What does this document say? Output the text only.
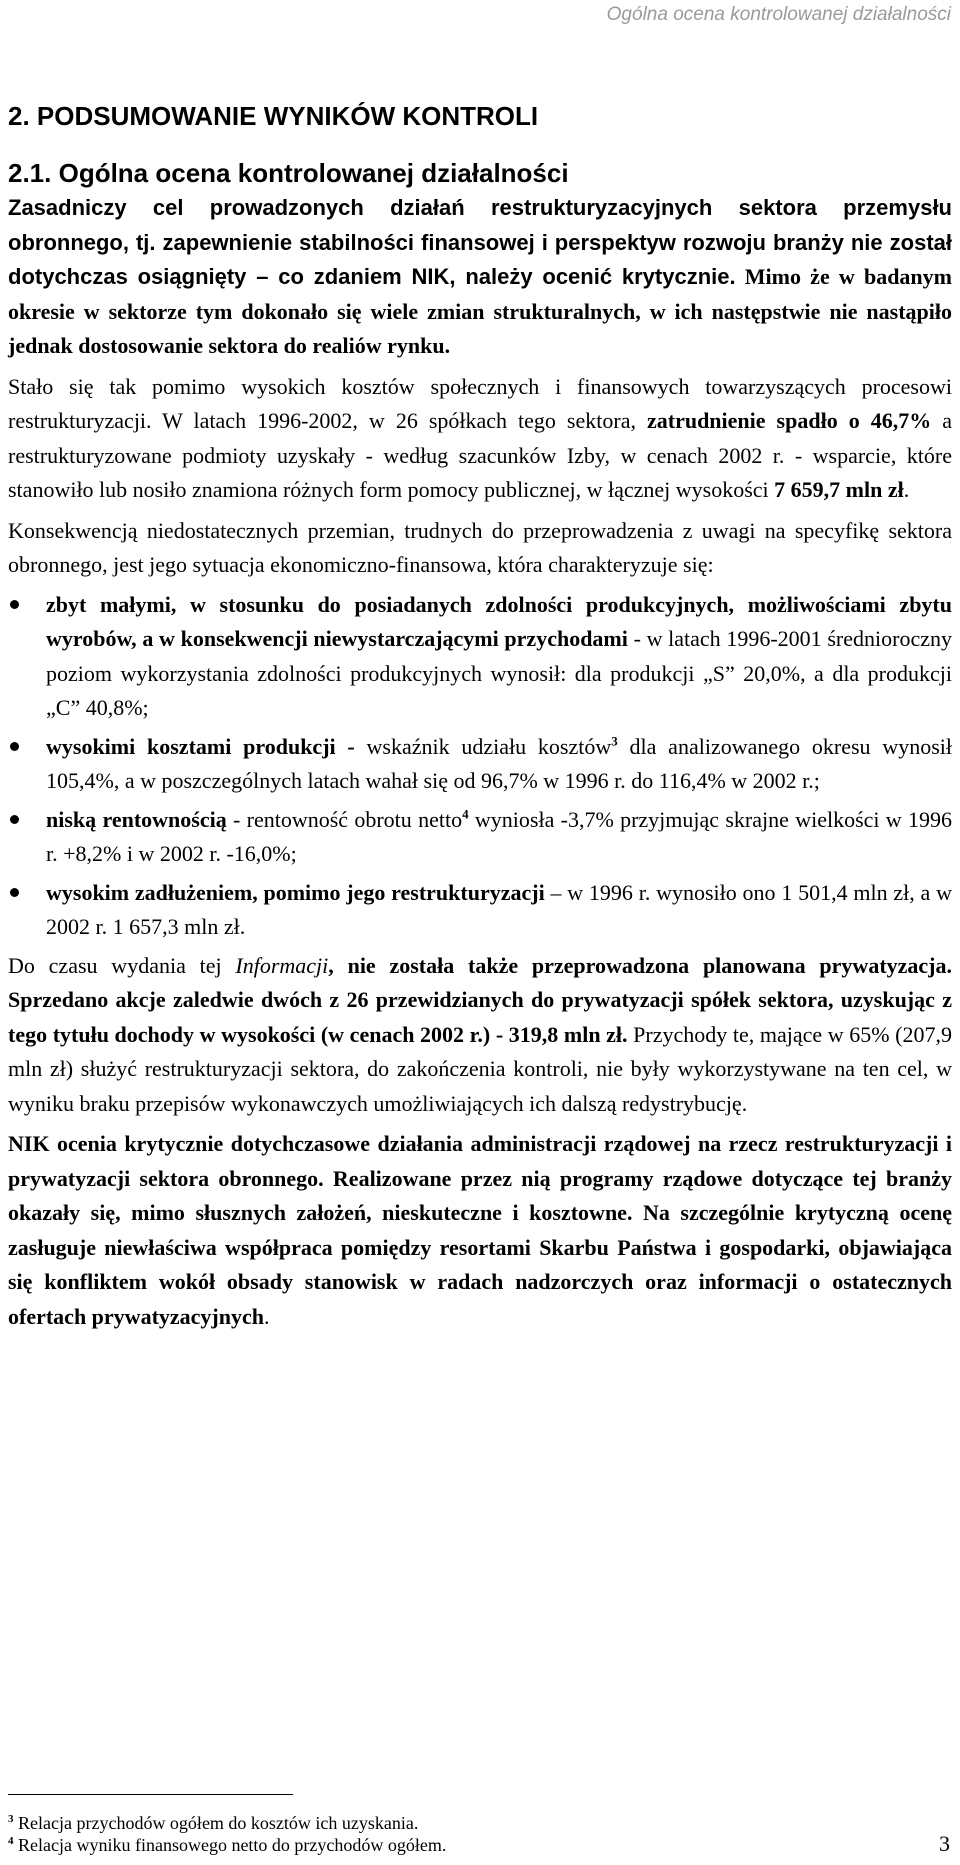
Ogólna ocena kontrolowanej działalności
2. PODSUMOWANIE WYNIKÓW KONTROLI
2.1. Ogólna ocena kontrolowanej działalności

Zasadniczy cel prowadzonych działań restrukturyzacyjnych sektora przemysłu obronnego, tj. zapewnienie stabilności finansowej i perspektyw rozwoju branży nie został dotychczas osiągnięty – co zdaniem NIK, należy ocenić krytycznie. Mimo że w badanym okresie w sektorze tym dokonało się wiele zmian strukturalnych, w ich następstwie nie nastąpiło jednak dostosowanie sektora do realiów rynku.

Stało się tak pomimo wysokich kosztów społecznych i finansowych towarzyszących procesowi restrukturyzacji. W latach 1996-2002, w 26 spółkach tego sektora, zatrudnienie spadło o 46,7% a restrukturyzowane podmioty uzyskały - według szacunków Izby, w cenach 2002 r. - wsparcie, które stanowiło lub nosiło znamiona różnych form pomocy publicznej, w łącznej wysokości 7 659,7 mln zł.

Konsekwencją niedostatecznych przemian, trudnych do przeprowadzenia z uwagi na specyfikę sektora obronnego, jest jego sytuacja ekonomiczno-finansowa, która charakteryzuje się:

zbyt małymi, w stosunku do posiadanych zdolności produkcyjnych, możliwościami zbytu wyrobów, a w konsekwencji niewystarczającymi przychodami - w latach 1996-2001 średnioroczny poziom wykorzystania zdolności produkcyjnych wynosił: dla produkcji „S” 20,0%, a dla produkcji „C” 40,8%;
wysokimi kosztami produkcji - wskaźnik udziału kosztów$^3$ dla analizowanego okresu wynosił 105,4%, a w poszczególnych latach wahał się od 96,7% w 1996 r. do 116,4% w 2002 r.;
niską rentownością - rentowność obrotu netto$^4$ wyniosła -3,7% przyjmując skrajne wielkości w 1996 r. +8,2% i w 2002 r. -16,0%;
wysokim zadłużeniem, pomimo jego restrukturyzacji – w 1996 r. wynosiło ono 1 501,4 mln zł, a w 2002 r. 1 657,3 mln zł.

Do czasu wydania tej Informacji, nie została także przeprowadzona planowana prywatyzacja. Sprzedano akcje zaledwie dwóch z 26 przewidzianych do prywatyzacji spółek sektora, uzyskując z tego tytułu dochody w wysokości (w cenach 2002 r.) - 319,8 mln zł. Przychody te, mające w 65% (207,9 mln zł) służyć restrukturyzacji sektora, do zakończenia kontroli, nie były wykorzystywane na ten cel, w wyniku braku przepisów wykonawczych umożliwiających ich dalszą redystrybucję.

NIK ocenia krytycznie dotychczasowe działania administracji rządowej na rzecz restrukturyzacji i prywatyzacji sektora obronnego. Realizowane przez nią programy rządowe dotyczące tej branży okazały się, mimo słusznych założeń, nieskuteczne i kosztowne. Na szczególnie krytyczną ocenę zasługuje niewłaściwa współpraca pomiędzy resortami Skarbu Państwa i gospodarki, objawiająca się konfliktem wokół obsady stanowisk w radach nadzorczych oraz informacji o ostatecznych ofertach prywatyzacyjnych.

$^3$ Relacja przychodów ogółem do kosztów ich uzyskania.
$^4$ Relacja wyniku finansowego netto do przychodów ogółem.	3
